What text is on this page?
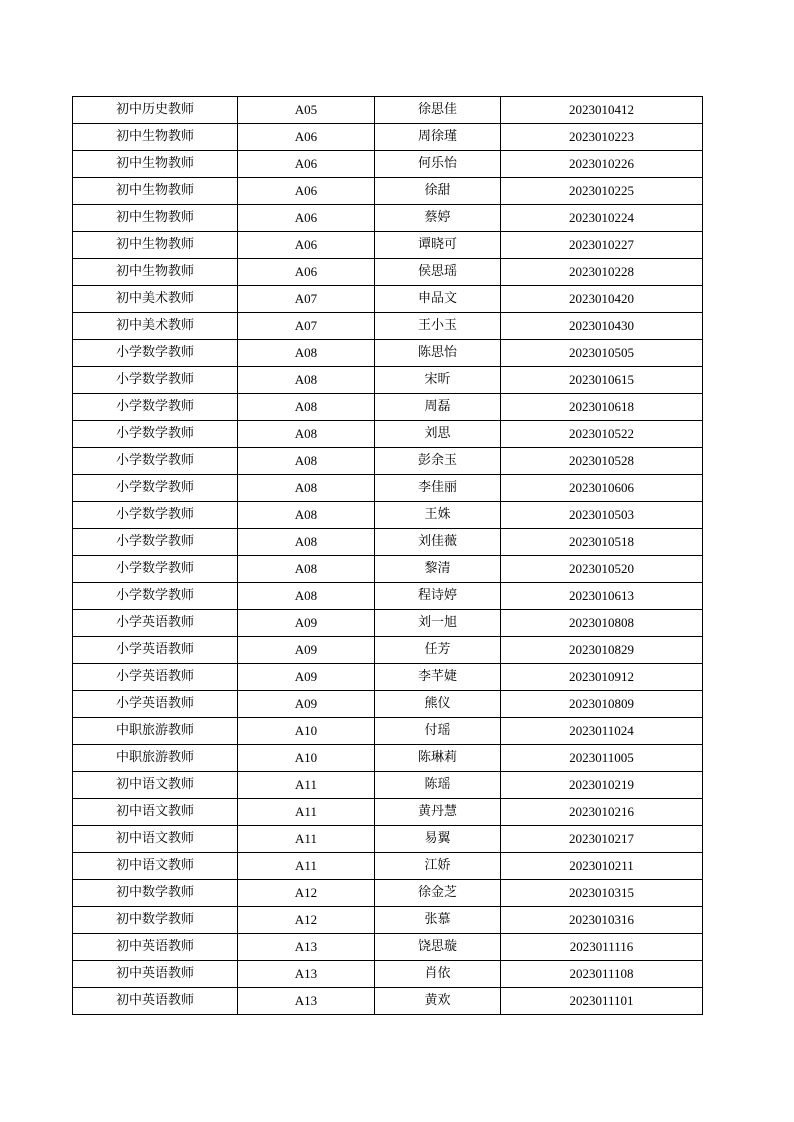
初中历史教师	A05	徐思佳	2023010412
初中生物教师	A06	周徐瑾	2023010223
初中生物教师	A06	何乐怡	2023010226
初中生物教师	A06	徐甜	2023010225
初中生物教师	A06	蔡婷	2023010224
初中生物教师	A06	谭晓可	2023010227
初中生物教师	A06	侯思瑶	2023010228
初中美术教师	A07	申品文	2023010420
初中美术教师	A07	王小玉	2023010430
小学数学教师	A08	陈思怡	2023010505
小学数学教师	A08	宋昕	2023010615
小学数学教师	A08	周磊	2023010618
小学数学教师	A08	刘思	2023010522
小学数学教师	A08	彭余玉	2023010528
小学数学教师	A08	李佳丽	2023010606
小学数学教师	A08	王姝	2023010503
小学数学教师	A08	刘佳薇	2023010518
小学数学教师	A08	黎清	2023010520
小学数学教师	A08	程诗婷	2023010613
小学英语教师	A09	刘一旭	2023010808
小学英语教师	A09	任芳	2023010829
小学英语教师	A09	李芊婕	2023010912
小学英语教师	A09	熊仪	2023010809
中职旅游教师	A10	付瑶	2023011024
中职旅游教师	A10	陈琳莉	2023011005
初中语文教师	A11	陈瑶	2023010219
初中语文教师	A11	黄丹慧	2023010216
初中语文教师	A11	易翼	2023010217
初中语文教师	A11	江娇	2023010211
初中数学教师	A12	徐金芝	2023010315
初中数学教师	A12	张慕	2023010316
初中英语教师	A13	饶思璇	2023011116
初中英语教师	A13	肖依	2023011108
初中英语教师	A13	黄欢	2023011101
